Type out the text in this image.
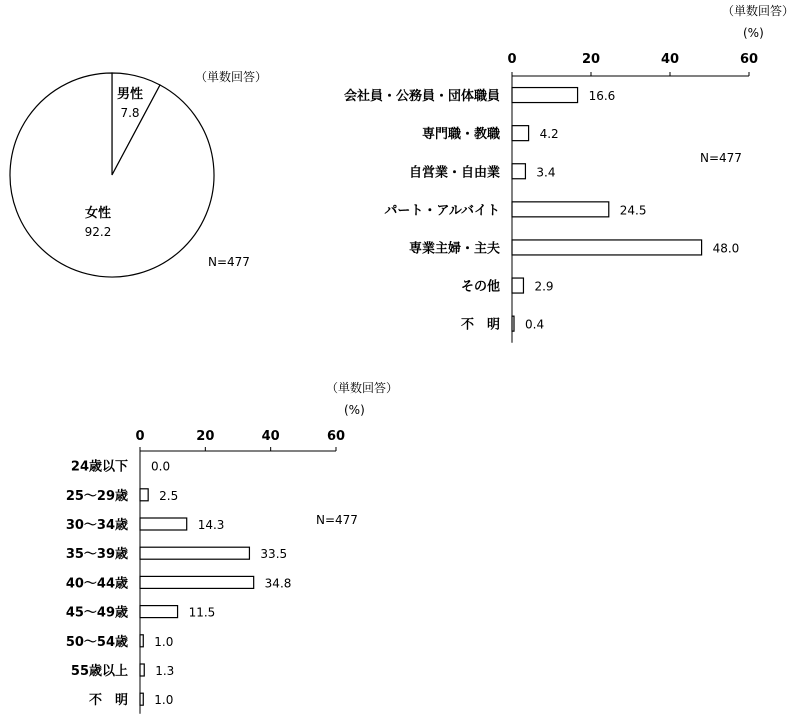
（単数回答）
N=477
男性
7.8
女性
92.2
（単数回答）
(%)
N=477
0	20	40	60
会社員・公務員・団体職員	16.6
専門職・教職	4.2
自営業・自由業	3.4
パート・アルバイト	24.5
専業主婦・主夫	48.0
その他	2.9
不　明 0.4
（単数回答）
(%)
N=477
0	20	40	60
24歳以下 0.0
25～29歳	2.5
30～34歳	14.3
35～39歳	33.5
40～44歳	34.8
45～49歳	11.5
50～54歳 1.0
55歳以上 1.3
不　明 1.0
